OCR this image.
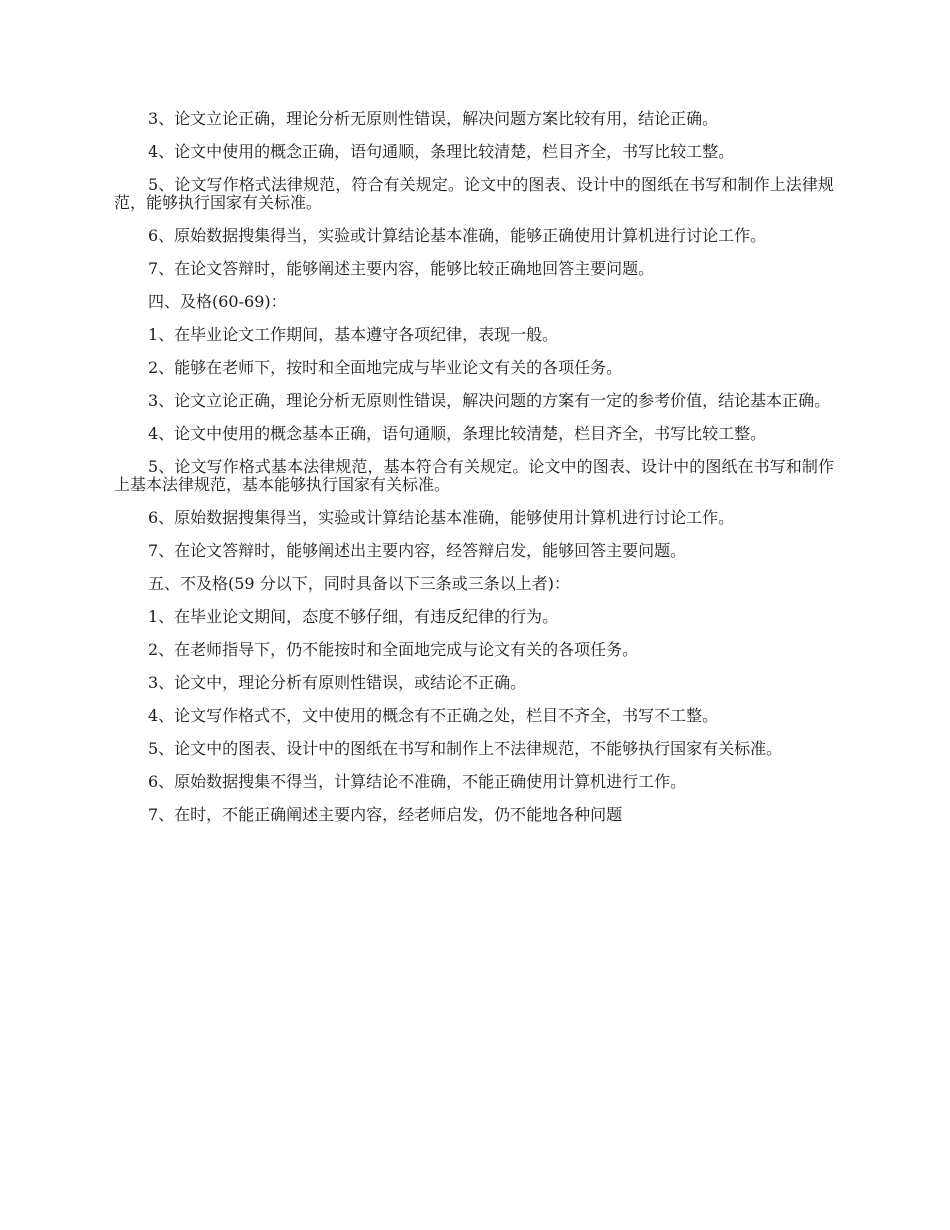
3、论文立论正确，理论分析无原则性错误，解决问题方案比较有用，结论正确。

4、论文中使用的概念正确，语句通顺，条理比较清楚，栏目齐全，书写比较工整。

5、论文写作格式法律规范，符合有关规定。论文中的图表、设计中的图纸在书写和制作上法律规范，能够执行国家有关标准。

6、原始数据搜集得当，实验或计算结论基本准确，能够正确使用计算机进行讨论工作。

7、在论文答辩时，能够阐述主要内容，能够比较正确地回答主要问题。

四、及格(60-69)：

1、在毕业论文工作期间，基本遵守各项纪律，表现一般。

2、能够在老师下，按时和全面地完成与毕业论文有关的各项任务。

3、论文立论正确，理论分析无原则性错误，解决问题的方案有一定的参考价值，结论基本正确。

4、论文中使用的概念基本正确，语句通顺，条理比较清楚，栏目齐全，书写比较工整。

5、论文写作格式基本法律规范，基本符合有关规定。论文中的图表、设计中的图纸在书写和制作上基本法律规范，基本能够执行国家有关标准。

6、原始数据搜集得当，实验或计算结论基本准确，能够使用计算机进行讨论工作。

7、在论文答辩时，能够阐述出主要内容，经答辩启发，能够回答主要问题。

五、不及格(59 分以下，同时具备以下三条或三条以上者)：

1、在毕业论文期间，态度不够仔细，有违反纪律的行为。

2、在老师指导下，仍不能按时和全面地完成与论文有关的各项任务。

3、论文中，理论分析有原则性错误，或结论不正确。

4、论文写作格式不，文中使用的概念有不正确之处，栏目不齐全，书写不工整。

5、论文中的图表、设计中的图纸在书写和制作上不法律规范，不能够执行国家有关标准。

6、原始数据搜集不得当，计算结论不准确，不能正确使用计算机进行工作。

7、在时，不能正确阐述主要内容，经老师启发，仍不能地各种问题
